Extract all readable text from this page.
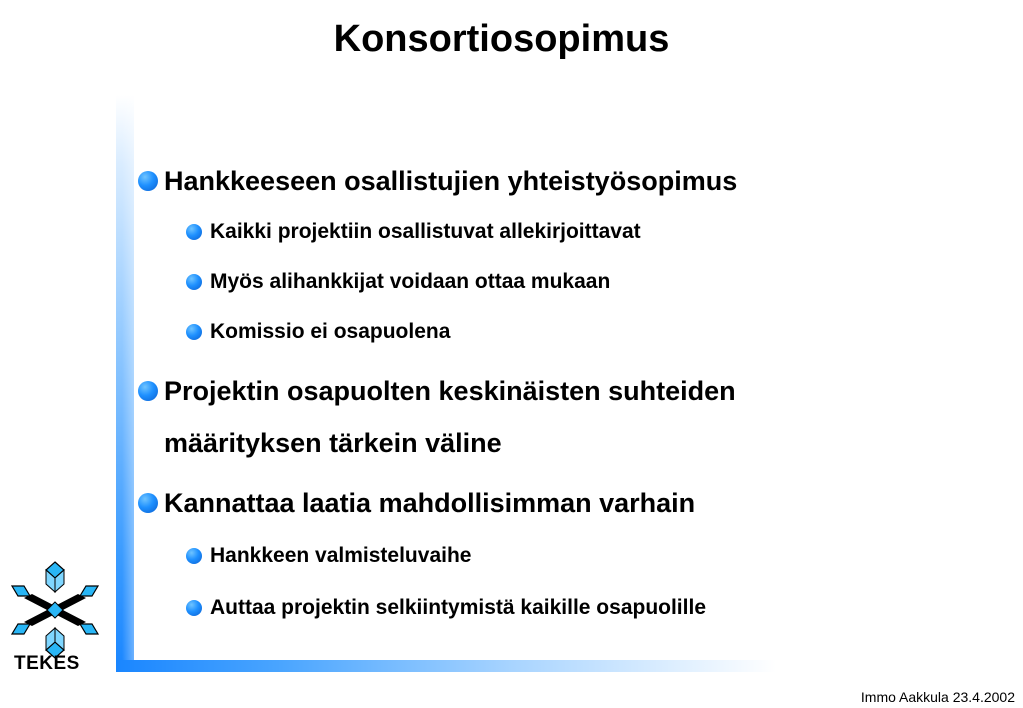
Konsortiosopimus
Hankkeeseen osallistujien yhteistyösopimus
Kaikki projektiin osallistuvat allekirjoittavat
Myös alihankkijat voidaan ottaa mukaan
Komissio ei osapuolena
Projektin osapuolten keskinäisten suhteiden
määrityksen tärkein väline
Kannattaa laatia mahdollisimman varhain
Hankkeen valmisteluvaihe
Auttaa projektin selkiintymistä kaikille osapuolille
TEKES
Immo Aakkula 23.4.2002
